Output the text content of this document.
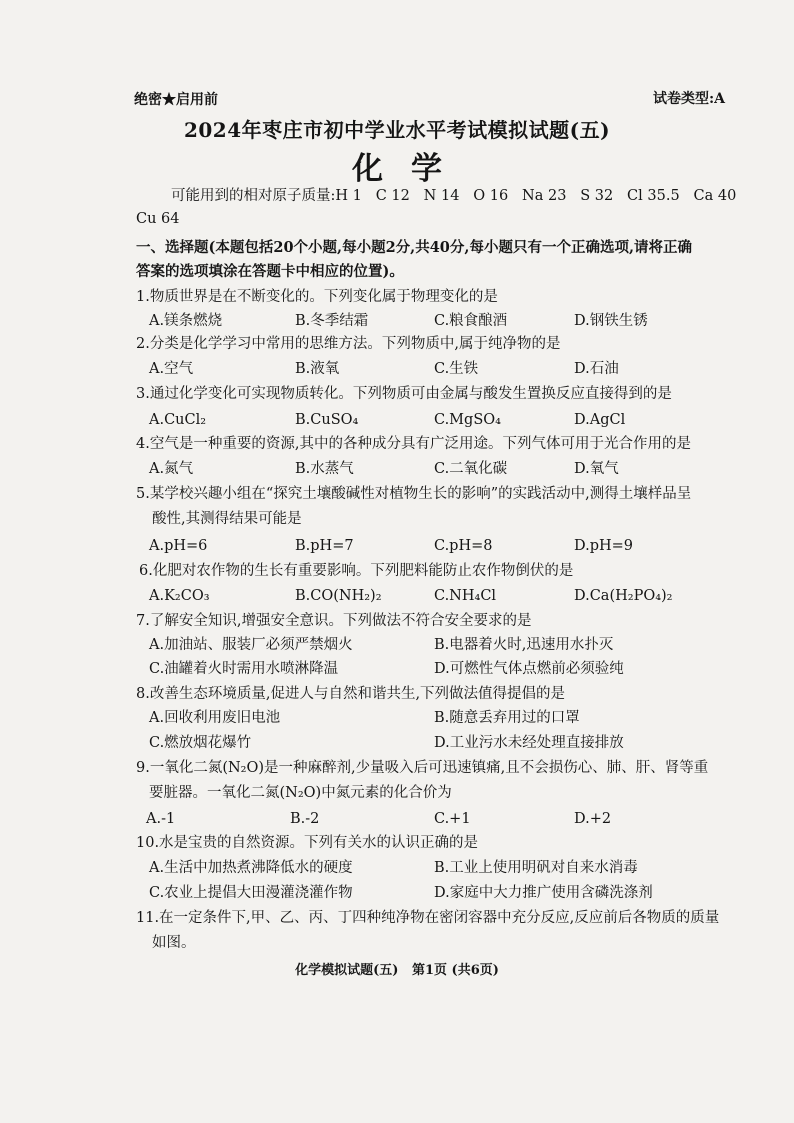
绝密★启用前	试卷类型:A
2024年枣庄市初中学业水平考试模拟试题(五)
化学
可能用到的相对原子质量:H 1   C 12   N 14   O 16   Na 23   S 32   Cl 35.5   Ca 40
Cu 64
一、选择题(本题包括20个小题,每小题2分,共40分,每小题只有一个正确选项,请将正确
答案的选项填涂在答题卡中相应的位置)。
1.物质世界是在不断变化的。下列变化属于物理变化的是
A.镁条燃烧	B.冬季结霜	C.粮食酿酒	D.钢铁生锈
2.分类是化学学习中常用的思维方法。下列物质中,属于纯净物的是
A.空气	B.液氧	C.生铁	D.石油
3.通过化学变化可实现物质转化。下列物质可由金属与酸发生置换反应直接得到的是
A.CuCl₂	B.CuSO₄	C.MgSO₄	D.AgCl
4.空气是一种重要的资源,其中的各种成分具有广泛用途。下列气体可用于光合作用的是
A.氮气	B.水蒸气	C.二氧化碳	D.氧气
5.某学校兴趣小组在“探究土壤酸碱性对植物生长的影响”的实践活动中,测得土壤样品呈
酸性,其测得结果可能是
A.pH=6	B.pH=7	C.pH=8	D.pH=9
6.化肥对农作物的生长有重要影响。下列肥料能防止农作物倒伏的是
A.K₂CO₃	B.CO(NH₂)₂	C.NH₄Cl	D.Ca(H₂PO₄)₂
7.了解安全知识,增强安全意识。下列做法不符合安全要求的是
A.加油站、服装厂必须严禁烟火	B.电器着火时,迅速用水扑灭
C.油罐着火时需用水喷淋降温	D.可燃性气体点燃前必须验纯
8.改善生态环境质量,促进人与自然和谐共生,下列做法值得提倡的是
A.回收利用废旧电池	B.随意丢弃用过的口罩
C.燃放烟花爆竹	D.工业污水未经处理直接排放
9.一氧化二氮(N₂O)是一种麻醉剂,少量吸入后可迅速镇痛,且不会损伤心、肺、肝、肾等重
要脏器。一氧化二氮(N₂O)中氮元素的化合价为
A.-1	B.-2	C.+1	D.+2
10.水是宝贵的自然资源。下列有关水的认识正确的是
A.生活中加热煮沸降低水的硬度	B.工业上使用明矾对自来水消毒
C.农业上提倡大田漫灌浇灌作物	D.家庭中大力推广使用含磷洗涤剂
11.在一定条件下,甲、乙、丙、丁四种纯净物在密闭容器中充分反应,反应前后各物质的质量
如图。
化学模拟试题(五)   第1页 (共6页)
